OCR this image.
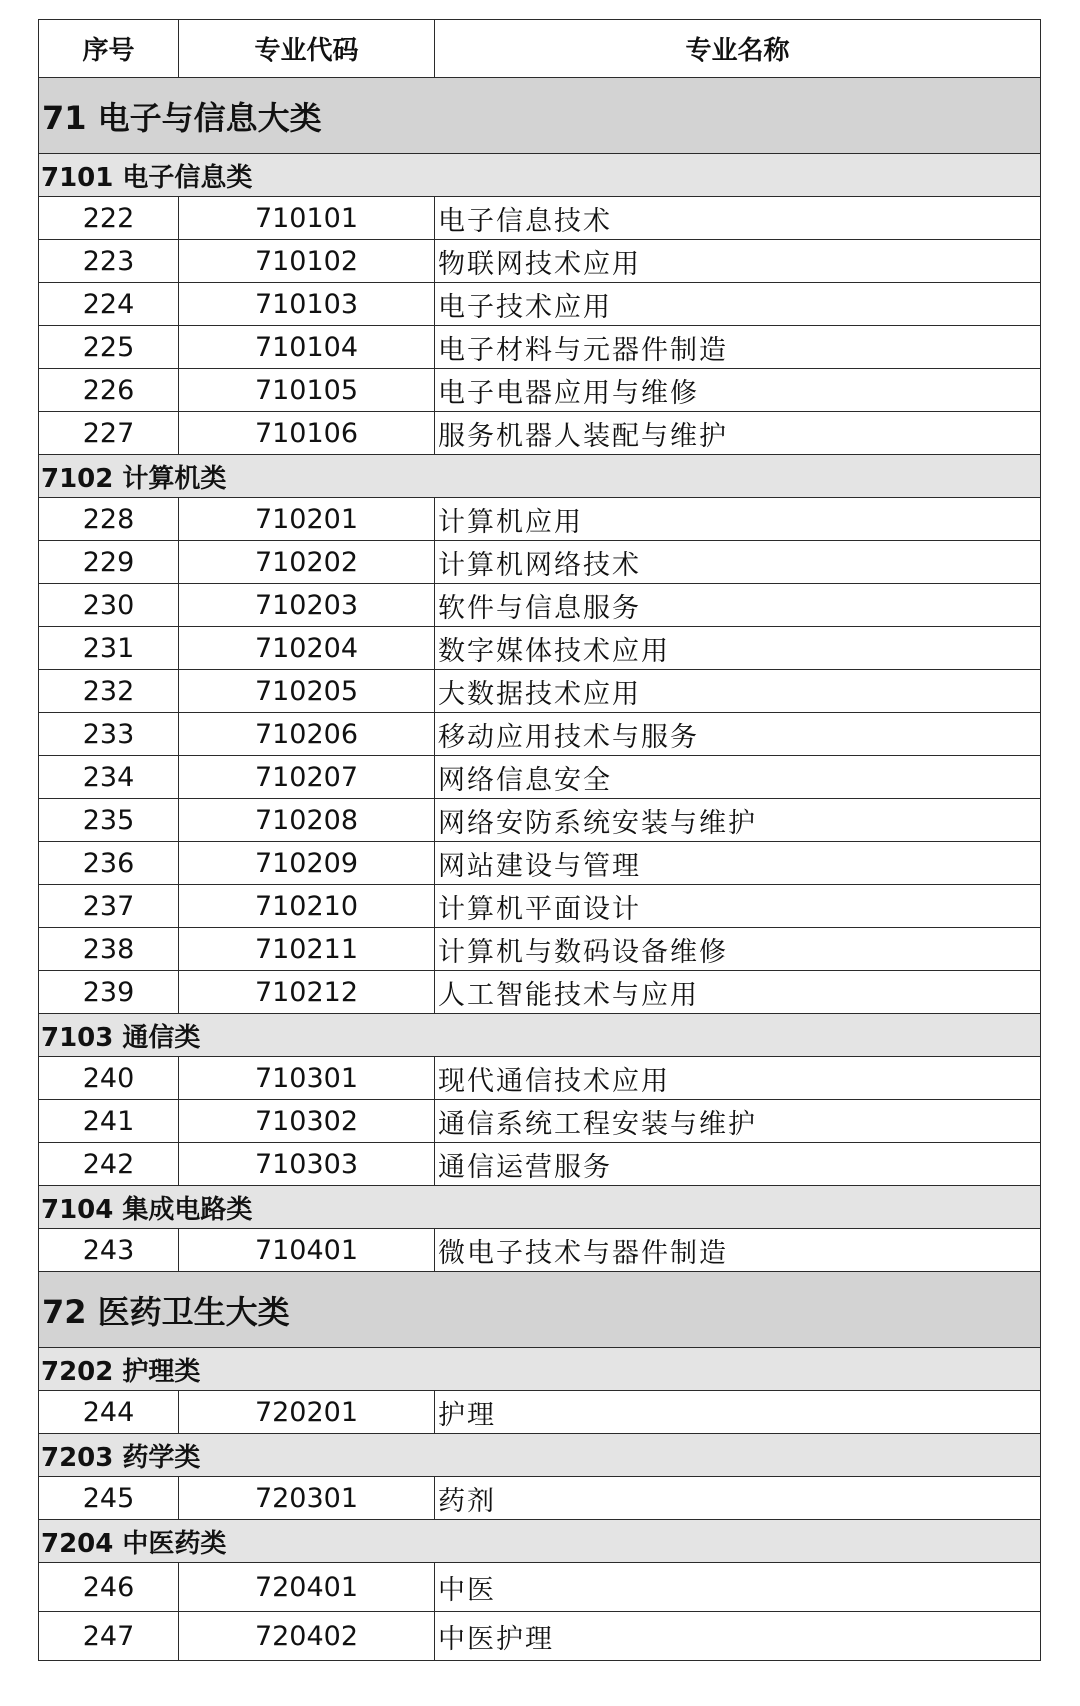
序号	专业代码	专业名称
71 电子与信息大类		
7101 电子信息类		
222	710101	电子信息技术
223	710102	物联网技术应用
224	710103	电子技术应用
225	710104	电子材料与元器件制造
226	710105	电子电器应用与维修
227	710106	服务机器人装配与维护
7102 计算机类		
228	710201	计算机应用
229	710202	计算机网络技术
230	710203	软件与信息服务
231	710204	数字媒体技术应用
232	710205	大数据技术应用
233	710206	移动应用技术与服务
234	710207	网络信息安全
235	710208	网络安防系统安装与维护
236	710209	网站建设与管理
237	710210	计算机平面设计
238	710211	计算机与数码设备维修
239	710212	人工智能技术与应用
7103 通信类		
240	710301	现代通信技术应用
241	710302	通信系统工程安装与维护
242	710303	通信运营服务
7104 集成电路类		
243	710401	微电子技术与器件制造
72 医药卫生大类		
7202 护理类		
244	720201	护理
7203 药学类		
245	720301	药剂
7204 中医药类		
246	720401	中医
247	720402	中医护理
